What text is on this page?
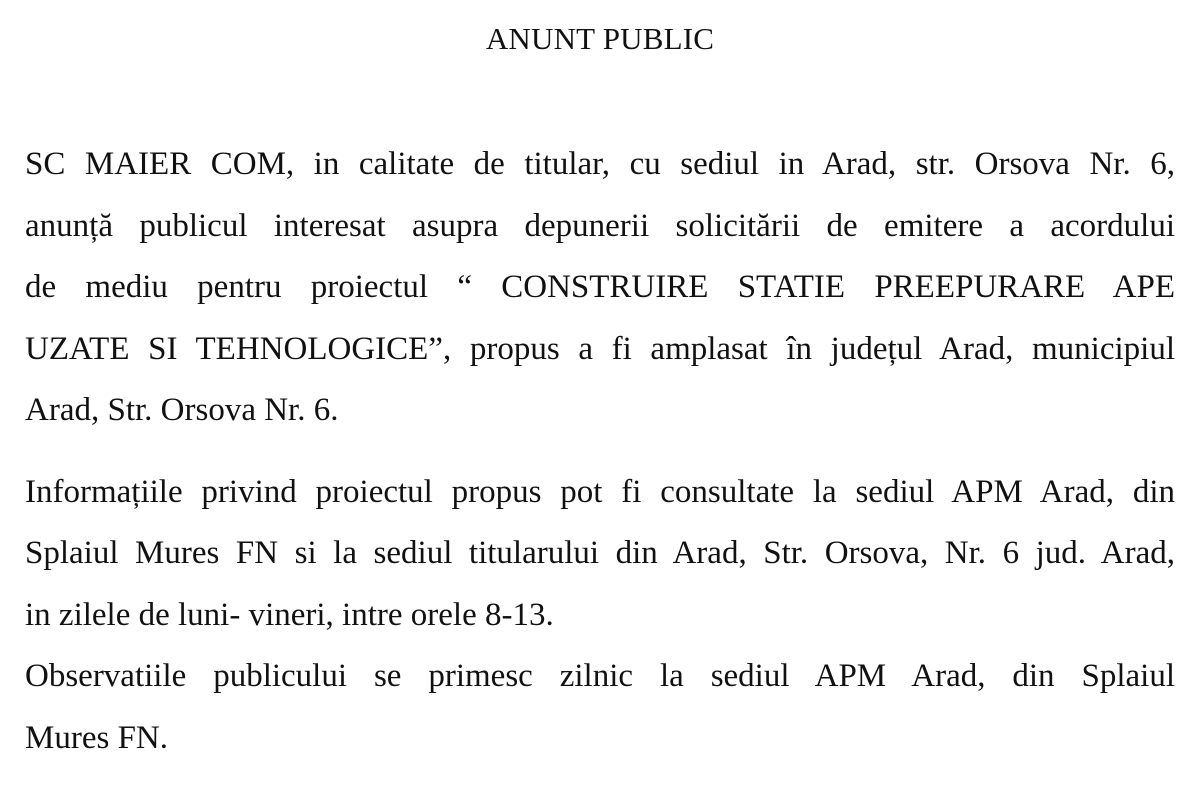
ANUNT PUBLIC
SC MAIER COM, in calitate de titular, cu sediul in Arad, str. Orsova Nr. 6,
anunță publicul interesat asupra depunerii solicitării de emitere a acordului
de mediu pentru proiectul “ CONSTRUIRE STATIE PREEPURARE APE
UZATE SI TEHNOLOGICE”, propus a fi amplasat în județul Arad, municipiul
Arad, Str. Orsova Nr. 6.
Informațiile privind proiectul propus pot fi consultate la sediul APM Arad, din
Splaiul Mures FN si la sediul titularului din Arad, Str. Orsova, Nr. 6 jud. Arad,
in zilele de luni- vineri, intre orele 8-13.
Observatiile publicului se primesc zilnic la sediul APM Arad, din Splaiul
Mures FN.
